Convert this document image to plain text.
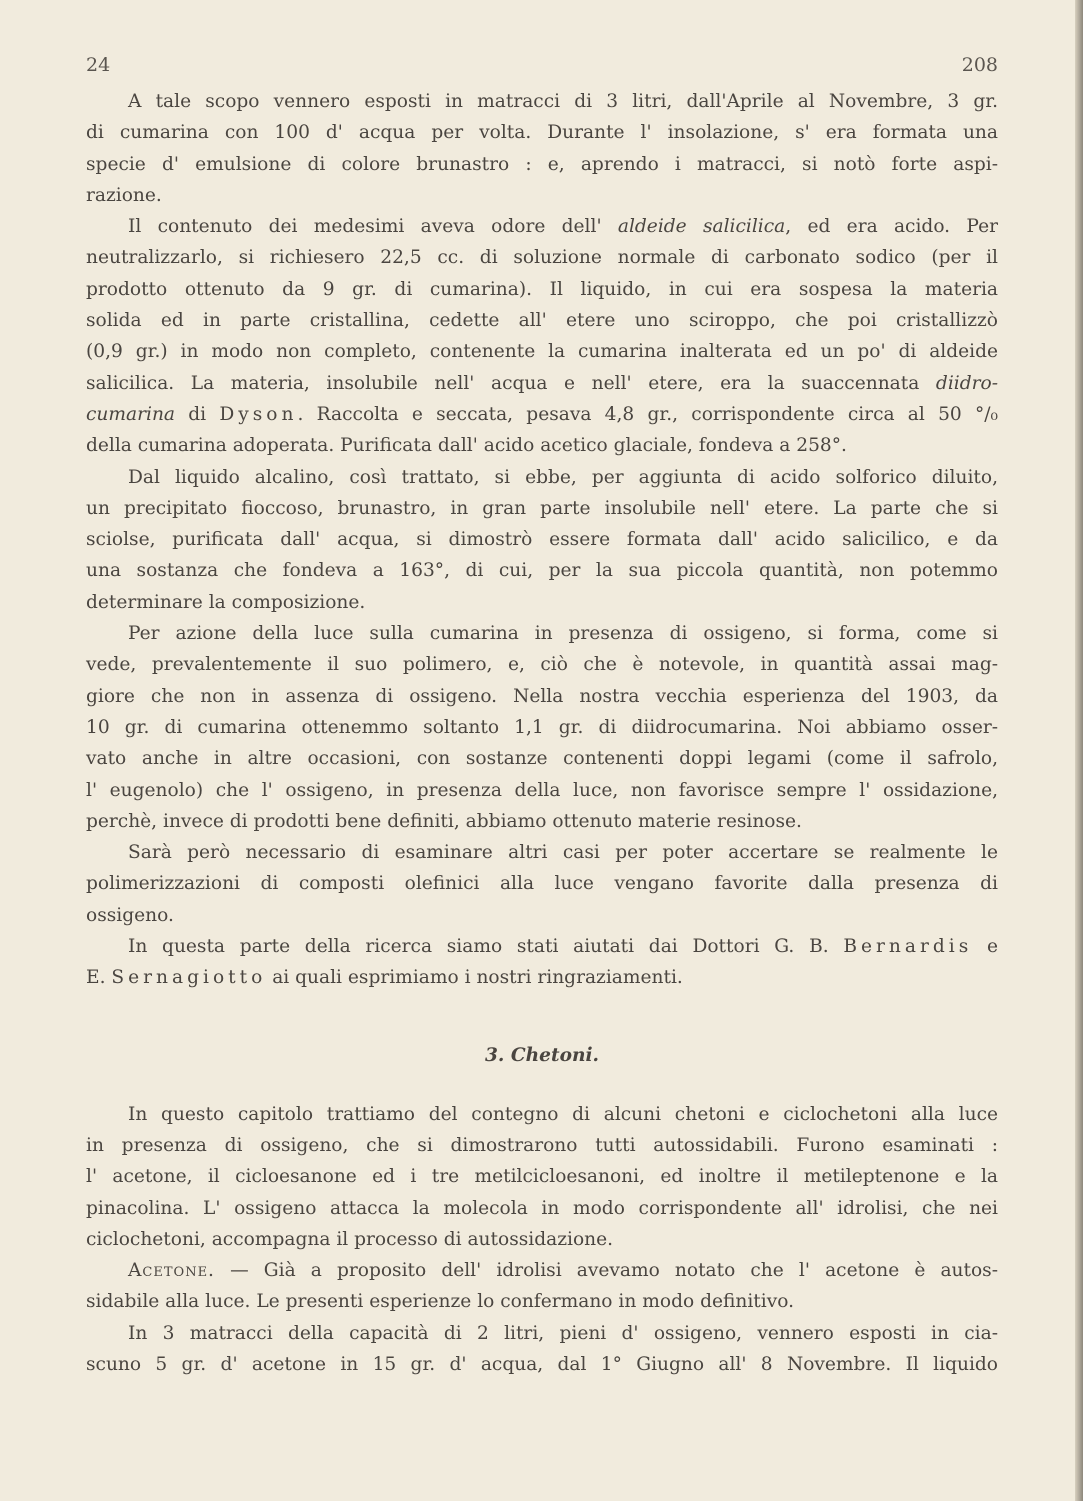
24	208

A tale scopo vennero esposti in matracci di 3 litri, dall'Aprile al Novembre, 3 gr.
di cumarina con 100 d' acqua per volta. Durante l' insolazione, s' era formata una
specie d' emulsione di colore brunastro : e, aprendo i matracci, si notò forte aspi-
razione.

Il contenuto dei medesimi aveva odore dell' aldeide salicilica, ed era acido. Per
neutralizzarlo, si richiesero 22,5 cc. di soluzione normale di carbonato sodico (per il
prodotto ottenuto da 9 gr. di cumarina). Il liquido, in cui era sospesa la materia
solida ed in parte cristallina, cedette all' etere uno sciroppo, che poi cristallizzò
(0,9 gr.) in modo non completo, contenente la cumarina inalterata ed un po' di aldeide
salicilica. La materia, insolubile nell' acqua e nell' etere, era la suaccennata diidro-
cumarina di Dyson. Raccolta e seccata, pesava 4,8 gr., corrispondente circa al 50 °/₀
della cumarina adoperata. Purificata dall' acido acetico glaciale, fondeva a 258°.

Dal liquido alcalino, così trattato, si ebbe, per aggiunta di acido solforico diluito,
un precipitato fioccoso, brunastro, in gran parte insolubile nell' etere. La parte che si
sciolse, purificata dall' acqua, si dimostrò essere formata dall' acido salicilico, e da
una sostanza che fondeva a 163°, di cui, per la sua piccola quantità, non potemmo
determinare la composizione.

Per azione della luce sulla cumarina in presenza di ossigeno, si forma, come si
vede, prevalentemente il suo polimero, e, ciò che è notevole, in quantità assai mag-
giore che non in assenza di ossigeno. Nella nostra vecchia esperienza del 1903, da
10 gr. di cumarina ottenemmo soltanto 1,1 gr. di diidrocumarina. Noi abbiamo osser-
vato anche in altre occasioni, con sostanze contenenti doppi legami (come il safrolo,
l' eugenolo) che l' ossigeno, in presenza della luce, non favorisce sempre l' ossidazione,
perchè, invece di prodotti bene definiti, abbiamo ottenuto materie resinose.

Sarà però necessario di esaminare altri casi per poter accertare se realmente le
polimerizzazioni di composti olefinici alla luce vengano favorite dalla presenza di
ossigeno.

In questa parte della ricerca siamo stati aiutati dai Dottori G. B. Bernardis e
E. Sernagiotto ai quali esprimiamo i nostri ringraziamenti.

3. Chetoni.

In questo capitolo trattiamo del contegno di alcuni chetoni e ciclochetoni alla luce
in presenza di ossigeno, che si dimostrarono tutti autossidabili. Furono esaminati :
l' acetone, il cicloesanone ed i tre metilcicloesanoni, ed inoltre il metileptenone e la
pinacolina. L' ossigeno attacca la molecola in modo corrispondente all' idrolisi, che nei
ciclochetoni, accompagna il processo di autossidazione.

Acetone. — Già a proposito dell' idrolisi avevamo notato che l' acetone è autos-
sidabile alla luce. Le presenti esperienze lo confermano in modo definitivo.

In 3 matracci della capacità di 2 litri, pieni d' ossigeno, vennero esposti in cia-
scuno 5 gr. d' acetone in 15 gr. d' acqua, dal 1° Giugno all' 8 Novembre. Il liquido
